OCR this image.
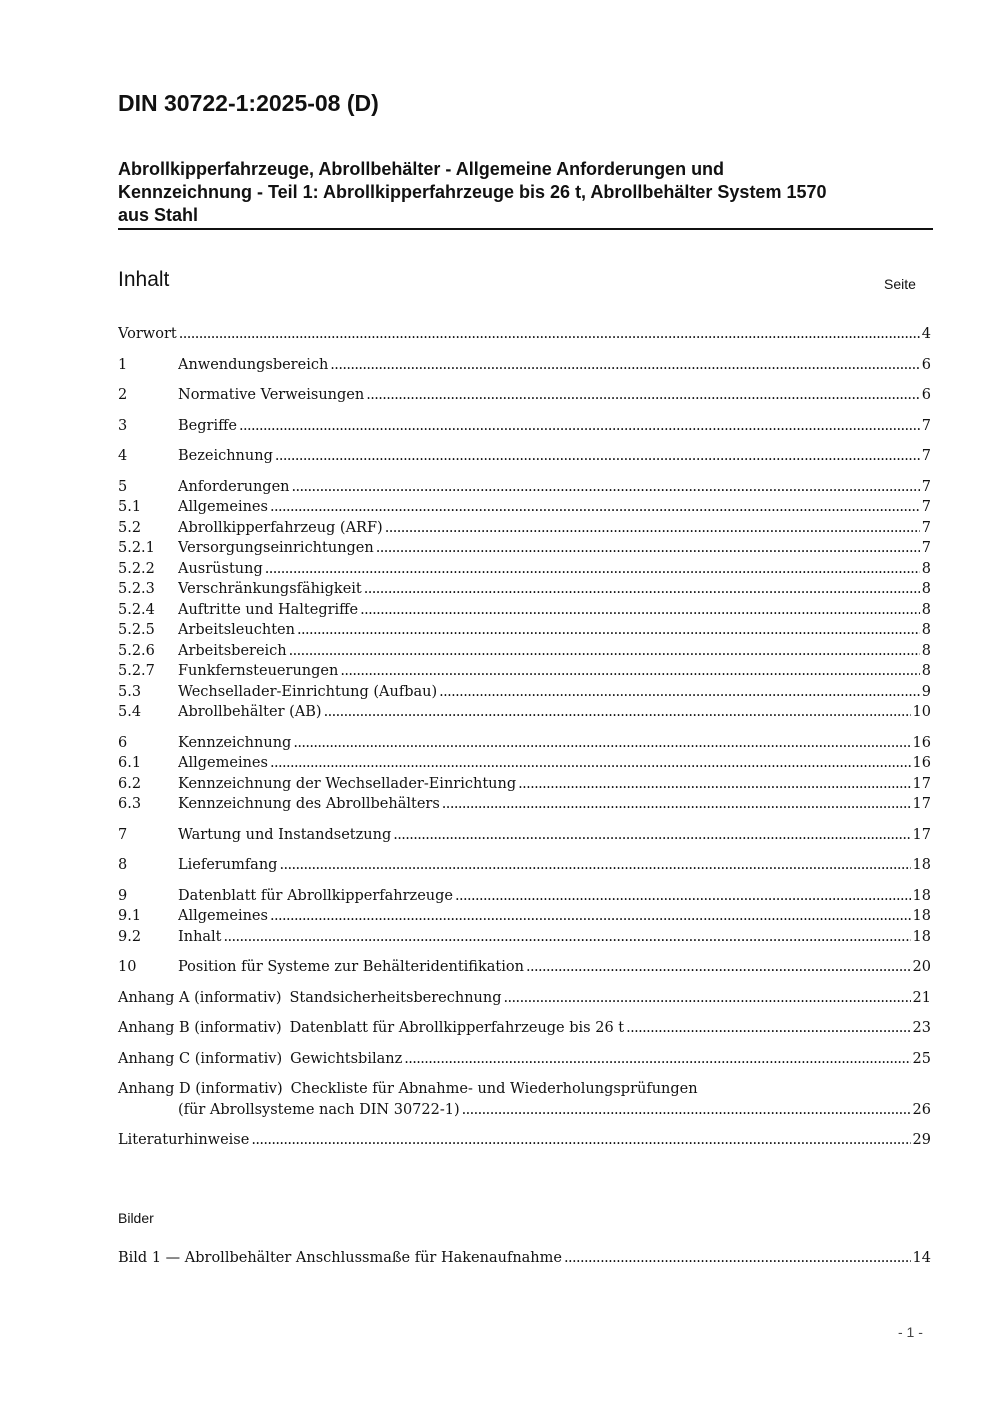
DIN 30722-1:2025-08 (D)
Abrollkipperfahrzeuge, Abrollbehälter - Allgemeine Anforderungen und
Kennzeichnung - Teil 1: Abrollkipperfahrzeuge bis 26 t, Abrollbehälter System 1570
aus Stahl
Inhalt	Seite
Vorwort .....	4
1	Anwendungsbereich .....	6
2	Normative Verweisungen .....	6
3	Begriffe .....	7
4	Bezeichnung .....	7
5	Anforderungen .....	7
5.1	Allgemeines .....	7
5.2	Abrollkipperfahrzeug (ARF) .....	7
5.2.1	Versorgungseinrichtungen .....	7
5.2.2	Ausrüstung .....	8
5.2.3	Verschränkungsfähigkeit .....	8
5.2.4	Auftritte und Haltegriffe .....	8
5.2.5	Arbeitsleuchten .....	8
5.2.6	Arbeitsbereich .....	8
5.2.7	Funkfernsteuerungen .....	8
5.3	Wechsellader-Einrichtung (Aufbau) .....	9
5.4	Abrollbehälter (AB) .....	10
6	Kennzeichnung .....	16
6.1	Allgemeines .....	16
6.2	Kennzeichnung der Wechsellader-Einrichtung .....	17
6.3	Kennzeichnung des Abrollbehälters .....	17
7	Wartung und Instandsetzung .....	17
8	Lieferumfang .....	18
9	Datenblatt für Abrollkipperfahrzeuge .....	18
9.1	Allgemeines .....	18
9.2	Inhalt .....	18
10	Position für Systeme zur Behälteridentifikation .....	20
Anhang A (informativ) Standsicherheitsberechnung .....	21
Anhang B (informativ) Datenblatt für Abrollkipperfahrzeuge bis 26 t .....	23
Anhang C (informativ) Gewichtsbilanz .....	25
Anhang D (informativ) Checkliste für Abnahme- und Wiederholungsprüfungen
(für Abrollsysteme nach DIN 30722-1) .....	26
Literaturhinweise .....	29
Bilder
Bild 1 — Abrollbehälter Anschlussmaße für Hakenaufnahme .....	14
- 1 -
